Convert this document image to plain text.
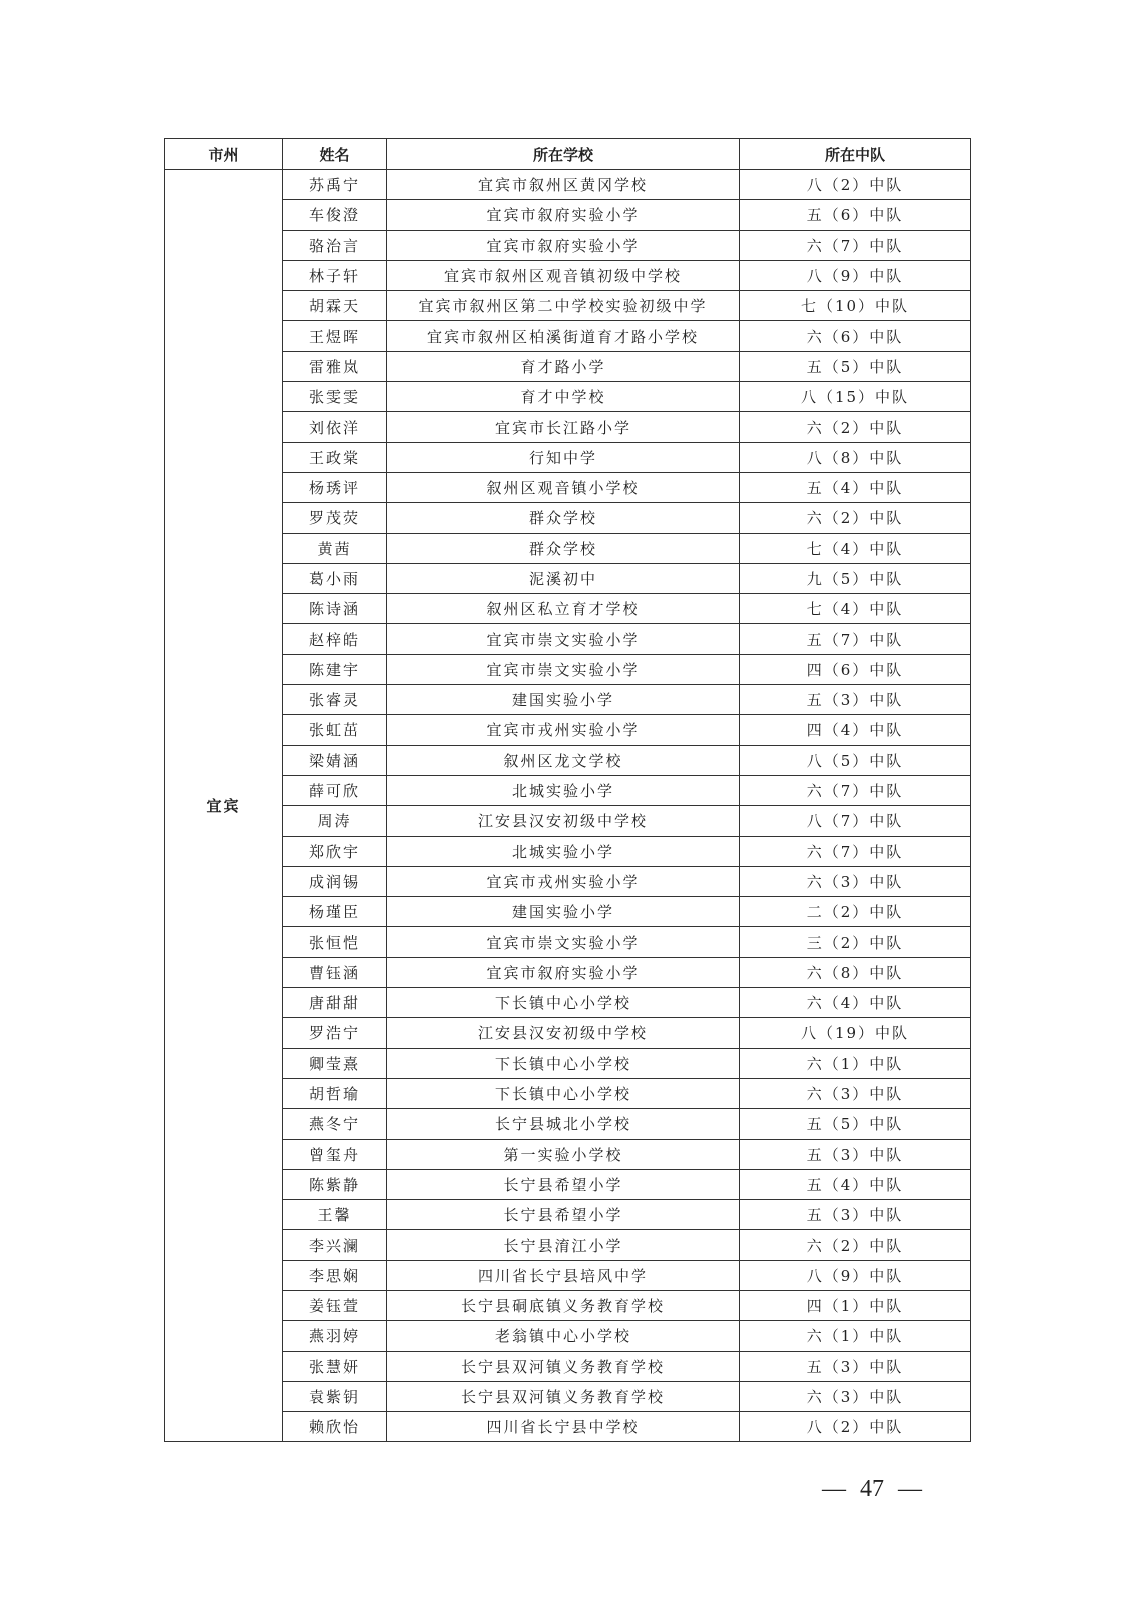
市州	姓名	所在学校	所在中队
宜宾	苏禹宁	宜宾市叙州区黄冈学校	八（2）中队
	车俊澄	宜宾市叙府实验小学	五（6）中队
	骆治言	宜宾市叙府实验小学	六（7）中队
	林子轩	宜宾市叙州区观音镇初级中学校	八（9）中队
	胡霖天	宜宾市叙州区第二中学校实验初级中学	七（10）中队
	王煜晖	宜宾市叙州区柏溪街道育才路小学校	六（6）中队
	雷雅岚	育才路小学	五（5）中队
	张雯雯	育才中学校	八（15）中队
	刘依洋	宜宾市长江路小学	六（2）中队
	王政棠	行知中学	八（8）中队
	杨琇评	叙州区观音镇小学校	五（4）中队
	罗茂荧	群众学校	六（2）中队
	黄茜	群众学校	七（4）中队
	葛小雨	泥溪初中	九（5）中队
	陈诗涵	叙州区私立育才学校	七（4）中队
	赵梓皓	宜宾市崇文实验小学	五（7）中队
	陈建宇	宜宾市崇文实验小学	四（6）中队
	张睿灵	建国实验小学	五（3）中队
	张虹茁	宜宾市戎州实验小学	四（4）中队
	梁婧涵	叙州区龙文学校	八（5）中队
	薛可欣	北城实验小学	六（7）中队
	周涛	江安县汉安初级中学校	八（7）中队
	郑欣宇	北城实验小学	六（7）中队
	成润锡	宜宾市戎州实验小学	六（3）中队
	杨瑾臣	建国实验小学	二（2）中队
	张恒恺	宜宾市崇文实验小学	三（2）中队
	曹钰涵	宜宾市叙府实验小学	六（8）中队
	唐甜甜	下长镇中心小学校	六（4）中队
	罗浩宁	江安县汉安初级中学校	八（19）中队
	卿莹熹	下长镇中心小学校	六（1）中队
	胡哲瑜	下长镇中心小学校	六（3）中队
	燕冬宁	长宁县城北小学校	五（5）中队
	曾玺舟	第一实验小学校	五（3）中队
	陈紫静	长宁县希望小学	五（4）中队
	王馨	长宁县希望小学	五（3）中队
	李兴澜	长宁县淯江小学	六（2）中队
	李思娴	四川省长宁县培风中学	八（9）中队
	姜钰萱	长宁县硐底镇义务教育学校	四（1）中队
	燕羽婷	老翁镇中心小学校	六（1）中队
	张慧妍	长宁县双河镇义务教育学校	五（3）中队
	袁紫钥	长宁县双河镇义务教育学校	六（3）中队
	赖欣怡	四川省长宁县中学校	八（2）中队
— 47 —
